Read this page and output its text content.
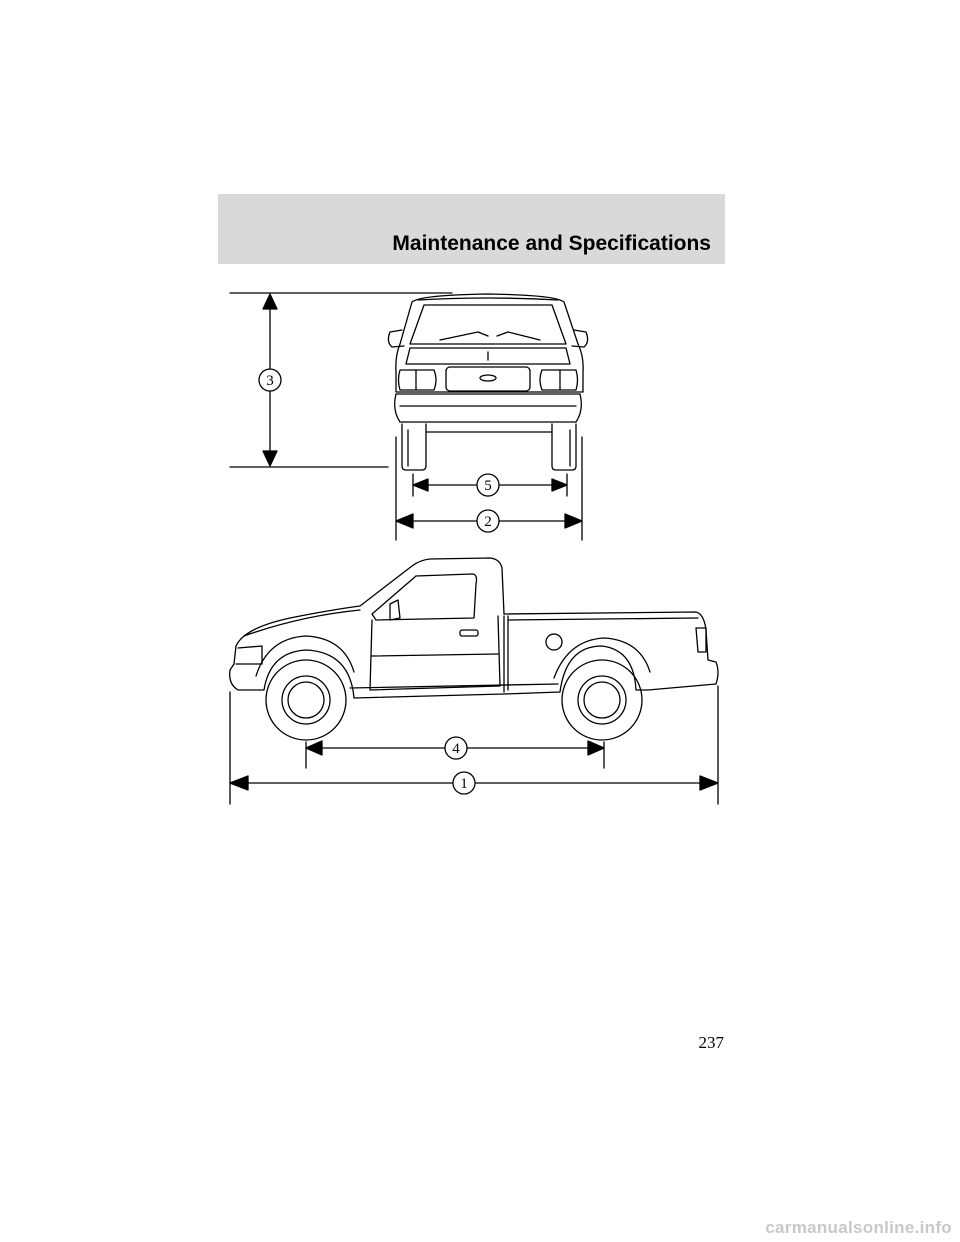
Maintenance and Specifications
3
5
2
4
1
237
carmanualsonline.info
